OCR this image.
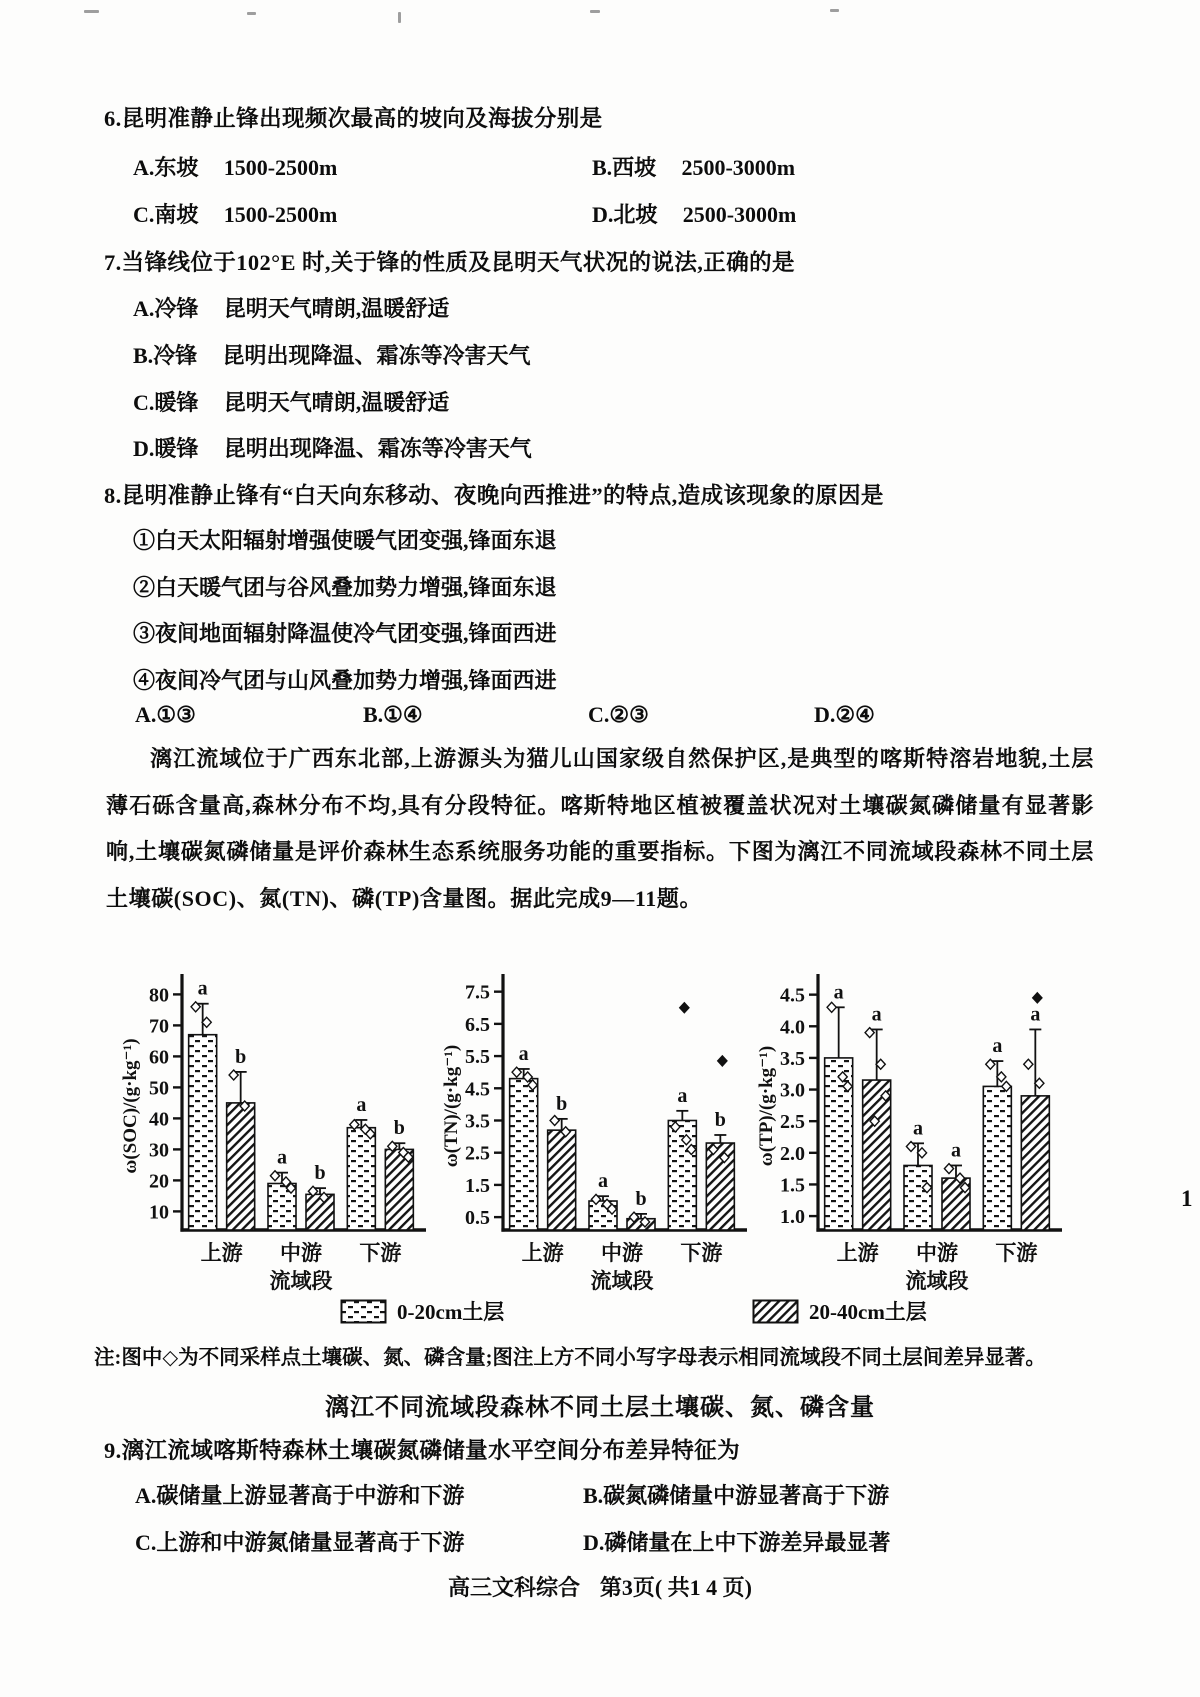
6.昆明准静止锋出现频次最高的坡向及海拔分别是
A.东坡 1500-2500m	B.西坡 2500-3000m
C.南坡 1500-2500m	D.北坡 2500-3000m
7.当锋线位于102°E 时,关于锋的性质及昆明天气状况的说法,正确的是
A.冷锋 昆明天气晴朗,温暖舒适
B.冷锋 昆明出现降温、霜冻等冷害天气
C.暖锋 昆明天气晴朗,温暖舒适
D.暖锋 昆明出现降温、霜冻等冷害天气
8.昆明准静止锋有“白天向东移动、夜晚向西推进”的特点,造成该现象的原因是
①白天太阳辐射增强使暖气团变强,锋面东退
②白天暖气团与谷风叠加势力增强,锋面东退
③夜间地面辐射降温使冷气团变强,锋面西进
④夜间冷气团与山风叠加势力增强,锋面西进
A.①③	B.①④	C.②③	D.②④
漓江流域位于广西东北部,上游源头为猫儿山国家级自然保护区,是典型的喀斯特溶岩地貌,土层薄石砾含量高,森林分布不均,具有分段特征。喀斯特地区植被覆盖状况对土壤碳氮磷储量有显著影响,土壤碳氮磷储量是评价森林生态系统服务功能的重要指标。下图为漓江不同流域段森林不同土层土壤碳(SOC)、氮(TN)、磷(TP)含量图。据此完成9—11题。
10
20
30
40
50
60
70
80
ω(SOC)/(g·kg⁻¹)
a
a
a
b
b
b
上游 中游 下游
流域段
0.5
1.5
2.5
3.5
4.5
5.5
6.5
7.5
ω(TN)/(g·kg⁻¹)	a
a
a
b
b
b
上游 中游 下游
流域段
1.0
1.5
2.0
2.5
3.0
3.5
4.0
4.5
ω(TP)/(g·kg⁻¹)
a
a
a
a
a
a
上游 中游 下游
流域段
0-20cm土层	20-40cm土层
注:图中◇为不同采样点土壤碳、氮、磷含量;图注上方不同小写字母表示相同流域段不同土层间差异显著。
漓江不同流域段森林不同土层土壤碳、氮、磷含量
9.漓江流域喀斯特森林土壤碳氮磷储量水平空间分布差异特征为
A.碳储量上游显著高于中游和下游	B.碳氮磷储量中游显著高于下游
C.上游和中游氮储量显著高于下游	D.磷储量在上中下游差异最显著
高三文科综合 第3页( 共1 4 页)
1
